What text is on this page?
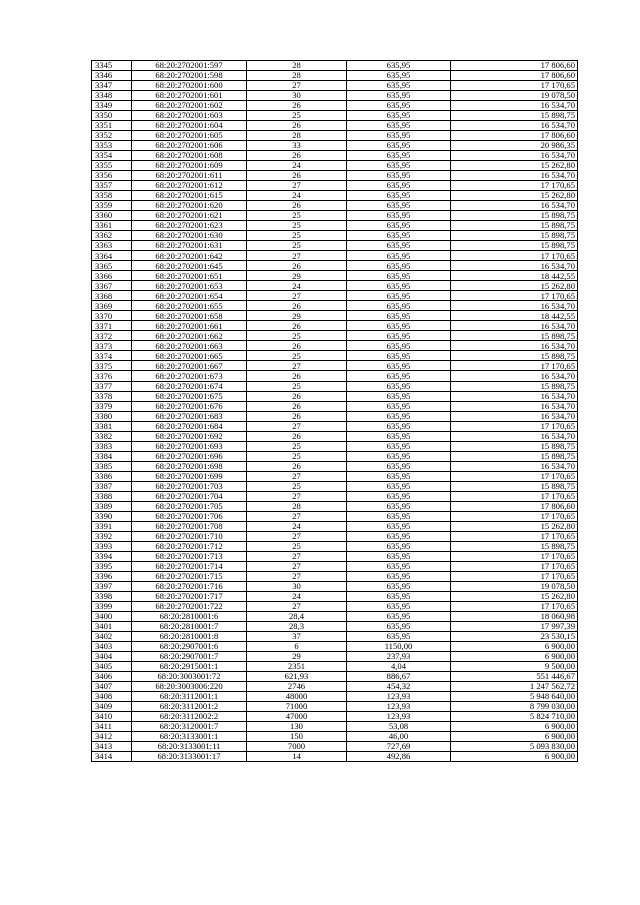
3345	68:20:2702001:597	28	635,95	17 806,60
3346	68:20:2702001:598	28	635,95	17 806,60
3347	68:20:2702001:600	27	635,95	17 170,65
3348	68:20:2702001:601	30	635,95	19 078,50
3349	68:20:2702001:602	26	635,95	16 534,70
3350	68:20:2702001:603	25	635,95	15 898,75
3351	68:20:2702001:604	26	635,95	16 534,70
3352	68:20:2702001:605	28	635,95	17 806,60
3353	68:20:2702001:606	33	635,95	20 986,35
3354	68:20:2702001:608	26	635,95	16 534,70
3355	68:20:2702001:609	24	635,95	15 262,80
3356	68:20:2702001:611	26	635,95	16 534,70
3357	68:20:2702001:612	27	635,95	17 170,65
3358	68:20:2702001:615	24	635,95	15 262,80
3359	68:20:2702001:620	26	635,95	16 534,70
3360	68:20:2702001:621	25	635,95	15 898,75
3361	68:20:2702001:623	25	635,95	15 898,75
3362	68:20:2702001:630	25	635,95	15 898,75
3363	68:20:2702001:631	25	635,95	15 898,75
3364	68:20:2702001:642	27	635,95	17 170,65
3365	68:20:2702001:645	26	635,95	16 534,70
3366	68:20:2702001:651	29	635,95	18 442,55
3367	68:20:2702001:653	24	635,95	15 262,80
3368	68:20:2702001:654	27	635,95	17 170,65
3369	68:20:2702001:655	26	635,95	16 534,70
3370	68:20:2702001:658	29	635,95	18 442,55
3371	68:20:2702001:661	26	635,95	16 534,70
3372	68:20:2702001:662	25	635,95	15 898,75
3373	68:20:2702001:663	26	635,95	16 534,70
3374	68:20:2702001:665	25	635,95	15 898,75
3375	68:20:2702001:667	27	635,95	17 170,65
3376	68:20:2702001:673	26	635,95	16 534,70
3377	68:20:2702001:674	25	635,95	15 898,75
3378	68:20:2702001:675	26	635,95	16 534,70
3379	68:20:2702001:676	26	635,95	16 534,70
3380	68:20:2702001:683	26	635,95	16 534,70
3381	68:20:2702001:684	27	635,95	17 170,65
3382	68:20:2702001:692	26	635,95	16 534,70
3383	68:20:2702001:693	25	635,95	15 898,75
3384	68:20:2702001:696	25	635,95	15 898,75
3385	68:20:2702001:698	26	635,95	16 534,70
3386	68:20:2702001:699	27	635,95	17 170,65
3387	68:20:2702001:703	25	635,95	15 898,75
3388	68:20:2702001:704	27	635,95	17 170,65
3389	68:20:2702001:705	28	635,95	17 806,60
3390	68:20:2702001:706	27	635,95	17 170,65
3391	68:20:2702001:708	24	635,95	15 262,80
3392	68:20:2702001:710	27	635,95	17 170,65
3393	68:20:2702001:712	25	635,95	15 898,75
3394	68:20:2702001:713	27	635,95	17 170,65
3395	68:20:2702001:714	27	635,95	17 170,65
3396	68:20:2702001:715	27	635,95	17 170,65
3397	68:20:2702001:716	30	635,95	19 078,50
3398	68:20:2702001:717	24	635,95	15 262,80
3399	68:20:2702001:722	27	635,95	17 170,65
3400	68:20:2810001:6	28,4	635,95	18 060,98
3401	68:20:2810001:7	28,3	635,95	17 997,39
3402	68:20:2810001:8	37	635,95	23 530,15
3403	68:20:2907001:6	6	1150,00	6 900,00
3404	68:20:2907001:7	29	237,93	6 900,00
3405	68:20:2915001:1	2351	4,04	9 500,00
3406	68:20:3003001:72	621,93	886,67	551 446,67
3407	68:20:3003006:220	2746	454,32	1 247 562,72
3408	68:20:3112001:1	48000	123,93	5 948 640,00
3409	68:20:3112001:2	71000	123,93	8 799 030,00
3410	68:20:3112002:2	47000	123,93	5 824 710,00
3411	68:20:3120001:7	130	53,08	6 900,00
3412	68:20:3133001:1	150	46,00	6 900,00
3413	68:20:3133001:11	7000	727,69	5 093 830,00
3414	68:20:3133001:17	14	492,86	6 900,00
